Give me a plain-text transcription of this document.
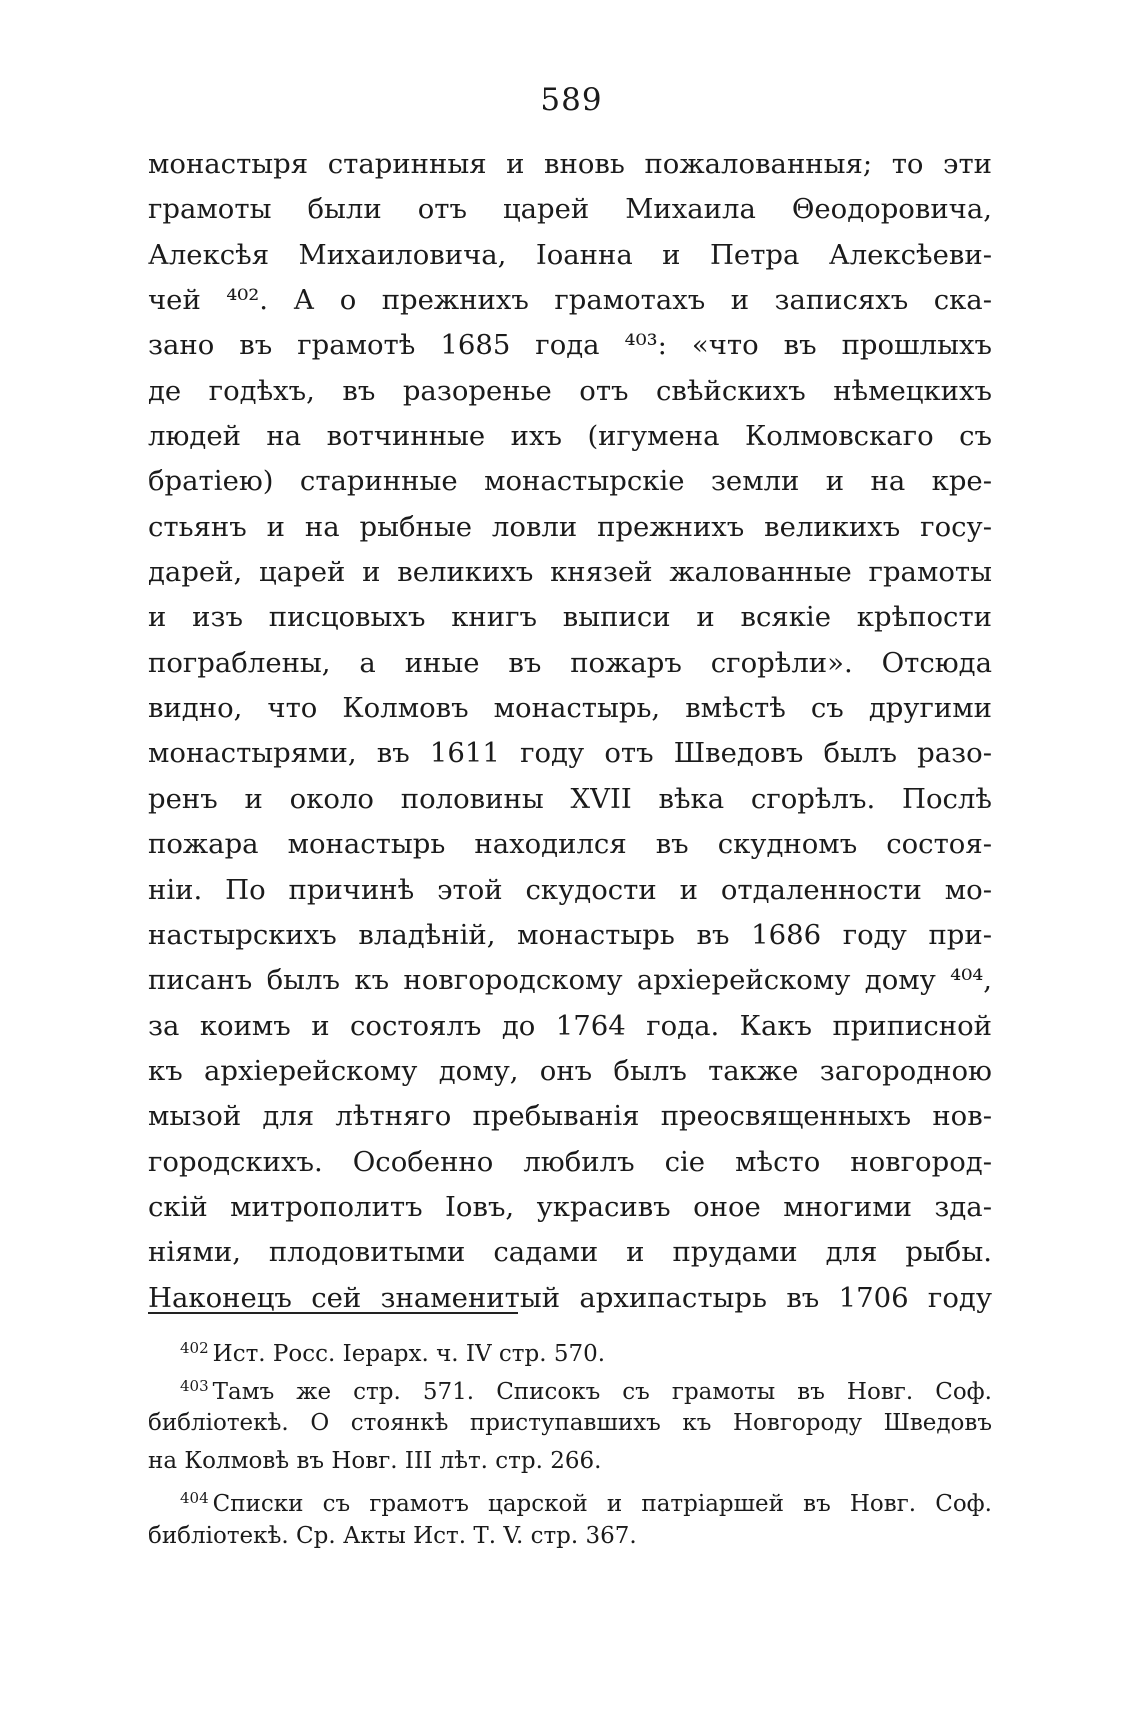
589
монастыря старинныя и вновь пожалованныя; то эти
грамоты были отъ царей Михаила Θеодоровича,
Алексѣя Михаиловича, Іоанна и Петра Алексѣеви-
чей ⁴⁰². А о прежнихъ грамотахъ и записяхъ ска-
зано въ грамотѣ 1685 года ⁴⁰³: «что въ прошлыхъ
де годѣхъ, въ разоренье отъ свѣйскихъ нѣмецкихъ
людей на вотчинные ихъ (игумена Колмовскаго съ
братіею) старинные монастырскіе земли и на кре-
стьянъ и на рыбные ловли прежнихъ великихъ госу-
дарей, царей и великихъ князей жалованные грамоты
и изъ писцовыхъ книгъ выписи и всякіе крѣпости
пограблены, а иные въ пожаръ сгорѣли». Отсюда
видно, что Колмовъ монастырь, вмѣстѣ съ другими
монастырями, въ 1611 году отъ Шведовъ былъ разо-
ренъ и около половины XVII вѣка сгорѣлъ. Послѣ
пожара монастырь находился въ скудномъ состоя-
ніи. По причинѣ этой скудости и отдаленности мо-
настырскихъ владѣній, монастырь въ 1686 году при-
писанъ былъ къ новгородскому архіерейскому дому ⁴⁰⁴,
за коимъ и состоялъ до 1764 года. Какъ приписной
къ архіерейскому дому, онъ былъ также загородною
мызой для лѣтняго пребыванія преосвященныхъ нов-
городскихъ. Особенно любилъ сіе мѣсто новгород-
скій митрополитъ Іовъ, украсивъ оное многими зда-
ніями, плодовитыми садами и прудами для рыбы.
Наконецъ сей знаменитый архипастырь въ 1706 году
$^{402}$ Ист. Росс. Іерарх. ч. IV стр. 570.
$^{403}$ Тамъ же стр. 571. Списокъ съ грамоты въ Новг. Соф.
библіотекѣ. О стоянкѣ приступавшихъ къ Новгороду Шведовъ
на Колмовѣ въ Новг. III лѣт. стр. 266.
$^{404}$ Списки съ грамотъ царской и патріаршей въ Новг. Соф.
библіотекѣ. Ср. Акты Ист. Т. V. стр. 367.
